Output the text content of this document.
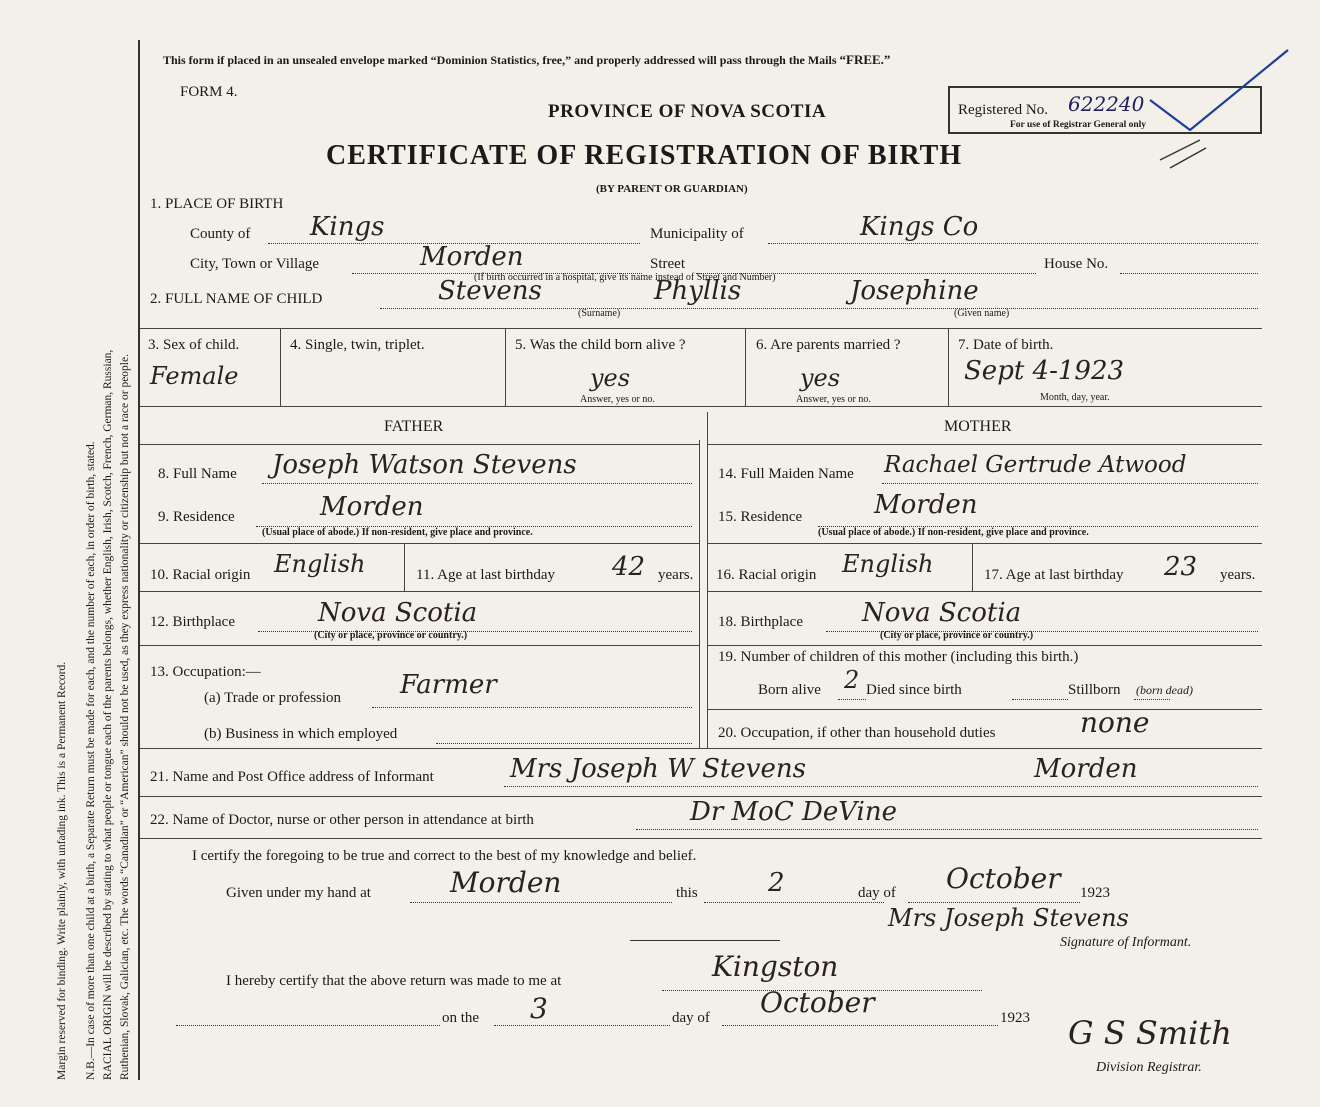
Margin reserved for binding. Write plainly, with unfading ink. This is a Permanent Record. N.B.—In case of more than one child at a birth, a Separate Return must be made for each, and the number of each, in order of birth, stated. RACIAL ORIGIN will be described by stating to what people or tongue each of the parents belongs, whether English, Irish, Scotch, French, German, Russian, Ruthenian, Slovak, Galician, etc. The words “Canadian” or “American” should not be used, as they express nationality or citizenship but not a race or people.
This form if placed in an unsealed envelope marked “Dominion Statistics, free,” and properly addressed will pass through the Mails “FREE.”
FORM 4.
PROVINCE OF NOVA SCOTIA
CERTIFICATE OF REGISTRATION OF BIRTH
(BY PARENT OR GUARDIAN)
Registered No. 622240
For use of Registrar General only
1. PLACE OF BIRTH
County of Kings	Municipality of	Kings Co
City, Town or Village	Morden	Street	House No.
(If birth occurred in a hospital, give its name instead of Street and Number)
2. FULL NAME OF CHILD	Stevens	Phyllis	Josephine
(Surname)	(Given name)
3. Sex of child.
Female
4. Single, twin, triplet.	5. Was the child born alive ?
yes
Answer, yes or no.
6. Are parents married ?
yes
Answer, yes or no.
7. Date of birth.
Sept 4-1923
Month, day, year.
FATHER	MOTHER
8. Full Name Joseph Watson Stevens
9. Residence	Morden
(Usual place of abode.) If non-resident, give place and province.
10. Racial origin English	11. Age at last birthday 42 years.
12. Birthplace	Nova Scotia
(City or place, province or country.)
13. Occupation:—
(a) Trade or profession Farmer
(b) Business in which employed
14. Full Maiden Name Rachael Gertrude Atwood
15. Residence	Morden
(Usual place of abode.) If non-resident, give place and province.
16. Racial origin English	17. Age at last birthday 23 years.
18. Birthplace Nova Scotia
(City or place, province or country.)
19. Number of children of this mother (including this birth.)
Born alive 2 Died since birth	Stillborn (born dead)
20. Occupation, if other than household duties	none
21. Name and Post Office address of Informant	Mrs Joseph W Stevens	Morden
22. Name of Doctor, nurse or other person in attendance at birth	Dr MoC DeVine
I certify the foregoing to be true and correct to the best of my knowledge and belief.
Given under my hand at	Morden	this	2	day of October 1923
Mrs Joseph Stevens
Signature of Informant.
I hereby certify that the above return was made to me at	Kingston
on the 3	day of October	1923 G S Smith
Division Registrar.
